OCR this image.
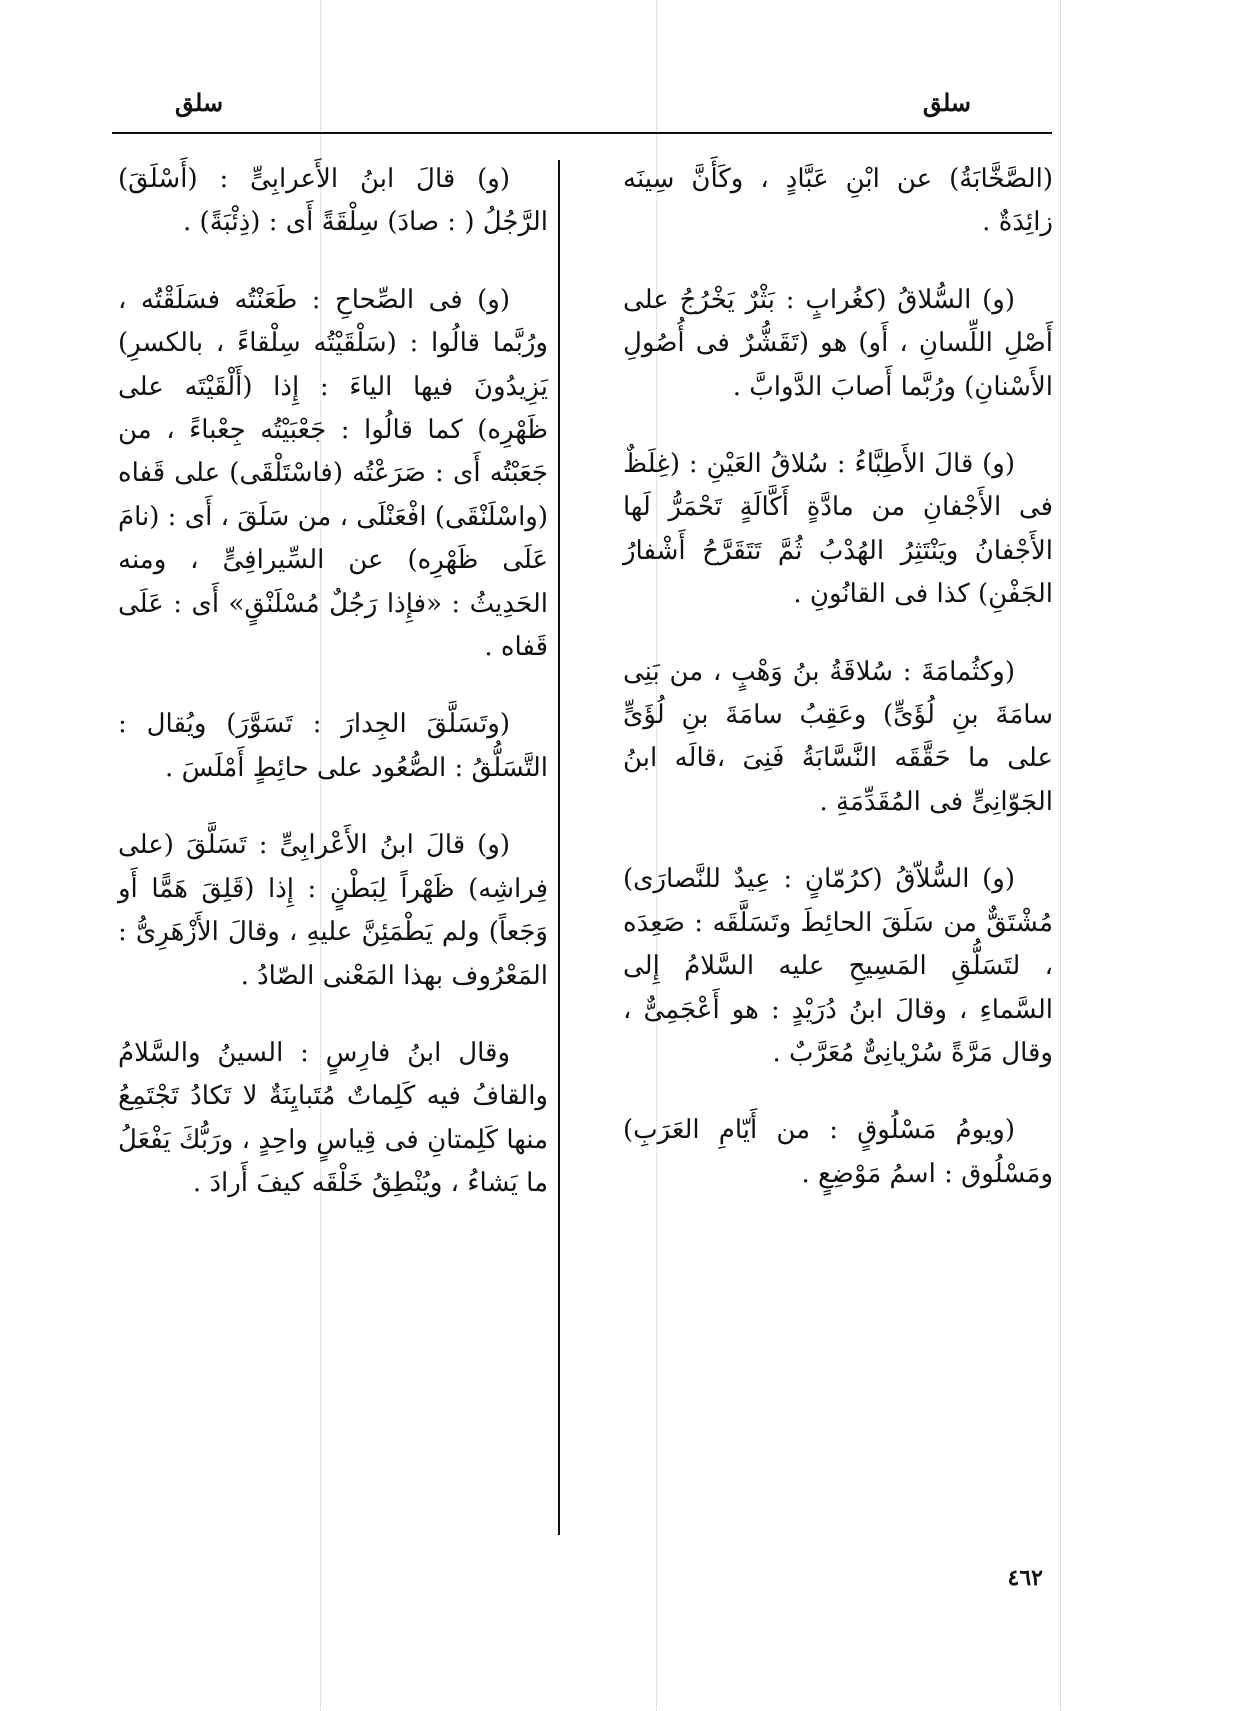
سلق
سلق

(الصَّخَّابَةُ) عن ابْنِ عَبَّادٍ ، وكَأَنَّ سِينَه زائِدَةٌ .

(و) السُّلاقُ (كغُرابٍ : بَثْرٌ يَخْرُجُ على أَصْلِ اللِّسانِ ، أَو) هو (تَقَشُّرٌ فى أُصُولِ الأَسْنانِ) ورُبَّما أَصابَ الدَّوابَّ .

(و) قالَ الأَطِبَّاءُ : سُلاقُ العَيْنِ : (غِلَظٌ فى الأَجْفانِ من مادَّةٍ أَكَّالَةٍ تَحْمَرُّ لَها الأَجْفانُ ويَنْتَثِرُ الهُدْبُ ثُمَّ تَتَقَرَّحُ أَشْفارُ الجَفْنِ) كذا فى القانُونِ .

(وكثُمامَةَ : سُلاقَةُ بنُ وَهْبٍ ، من بَنِى سامَةَ بنِ لُؤَىٍّ) وعَقِبُ سامَةَ بنِ لُؤَىٍّ على ما حَقَّقَه النَّسَّابَةُ فَنِىَ ،قالَه ابنُ الجَوّانِىٍّ فى المُقَدِّمَةِ .

(و) السُّلاّقُ (كرُمّانٍ : عِيدٌ للنَّصارَى) مُشْتَقٌّ من سَلَقَ الحائِطَ وتَسَلَّقَه : صَعِدَه ، لتَسَلُّقِ المَسِيحِ عليه السَّلامُ إِلى السَّماءِ ، وقالَ ابنُ دُرَيْدٍ : هو أَعْجَمِىٌّ ، وقال مَرَّةً سُرْيانِىٌّ مُعَرَّبٌ .

(ويومُ مَسْلُوقٍ : من أَيّامِ العَرَبِ) ومَسْلُوق : اسمُ مَوْضِعٍ .

(و) قالَ ابنُ الأَعرابِىٍّ : (أَسْلَقَ) الرَّجُلُ ( : صادَ) سِلْقَةً أَى : (ذِئْبَةً) .

(و) فى الصِّحاحِ : طَعَنْتُه فسَلَقْتُه ، ورُبَّما قالُوا : (سَلْقَيْتُه سِلْقاءً ، بالكسرِ) يَزِيدُونَ فيها الياءَ : إِذا (أَلْقَيْتَه على ظَهْرِه) كما قالُوا : جَعْبَيْتُه جِعْباءً ، من جَعَبْتُه أَى : صَرَعْتُه (فاسْتَلْقَى) على قَفاه (واسْلَنْقَى) افْعَنْلَى ، من سَلَقَ ، أَى : (نامَ عَلَى ظَهْرِه) عن السِّيرافِىٍّ ، ومنه الحَدِيثُ : «فإِذا رَجُلٌ مُسْلَنْقٍ» أَى : عَلَى قَفاه .

(وتَسَلَّقَ الجِدارَ : تَسَوَّرَ) ويُقال : التَّسَلُّقُ : الصُّعُود على حائِطٍ أَمْلَسَ .

(و) قالَ ابنُ الأَعْرابِىٍّ : تَسَلَّقَ (على فِراشِه) ظَهْراً لِبَطْنٍ : إِذا (قَلِقَ هَمًّا أَو وَجَعاً) ولم يَطْمَئِنَّ عليهِ ، وقالَ الأَزْهَرِىُّ : المَعْرُوف بهذا المَعْنى الصّادُ .

وقال ابنُ فارِسٍ : السينُ والسَّلامُ والقافُ فيه كَلِماتٌ مُتَبايِنَةٌ لا تَكادُ تَجْتَمِعُ منها كَلِمتانِ فى قِياسٍ واحِدٍ ، ورَبُّكَ يَفْعَلُ ما يَشاءُ ، ويُنْطِقُ خَلْقَه كيفَ أَرادَ .

٤٦٢
